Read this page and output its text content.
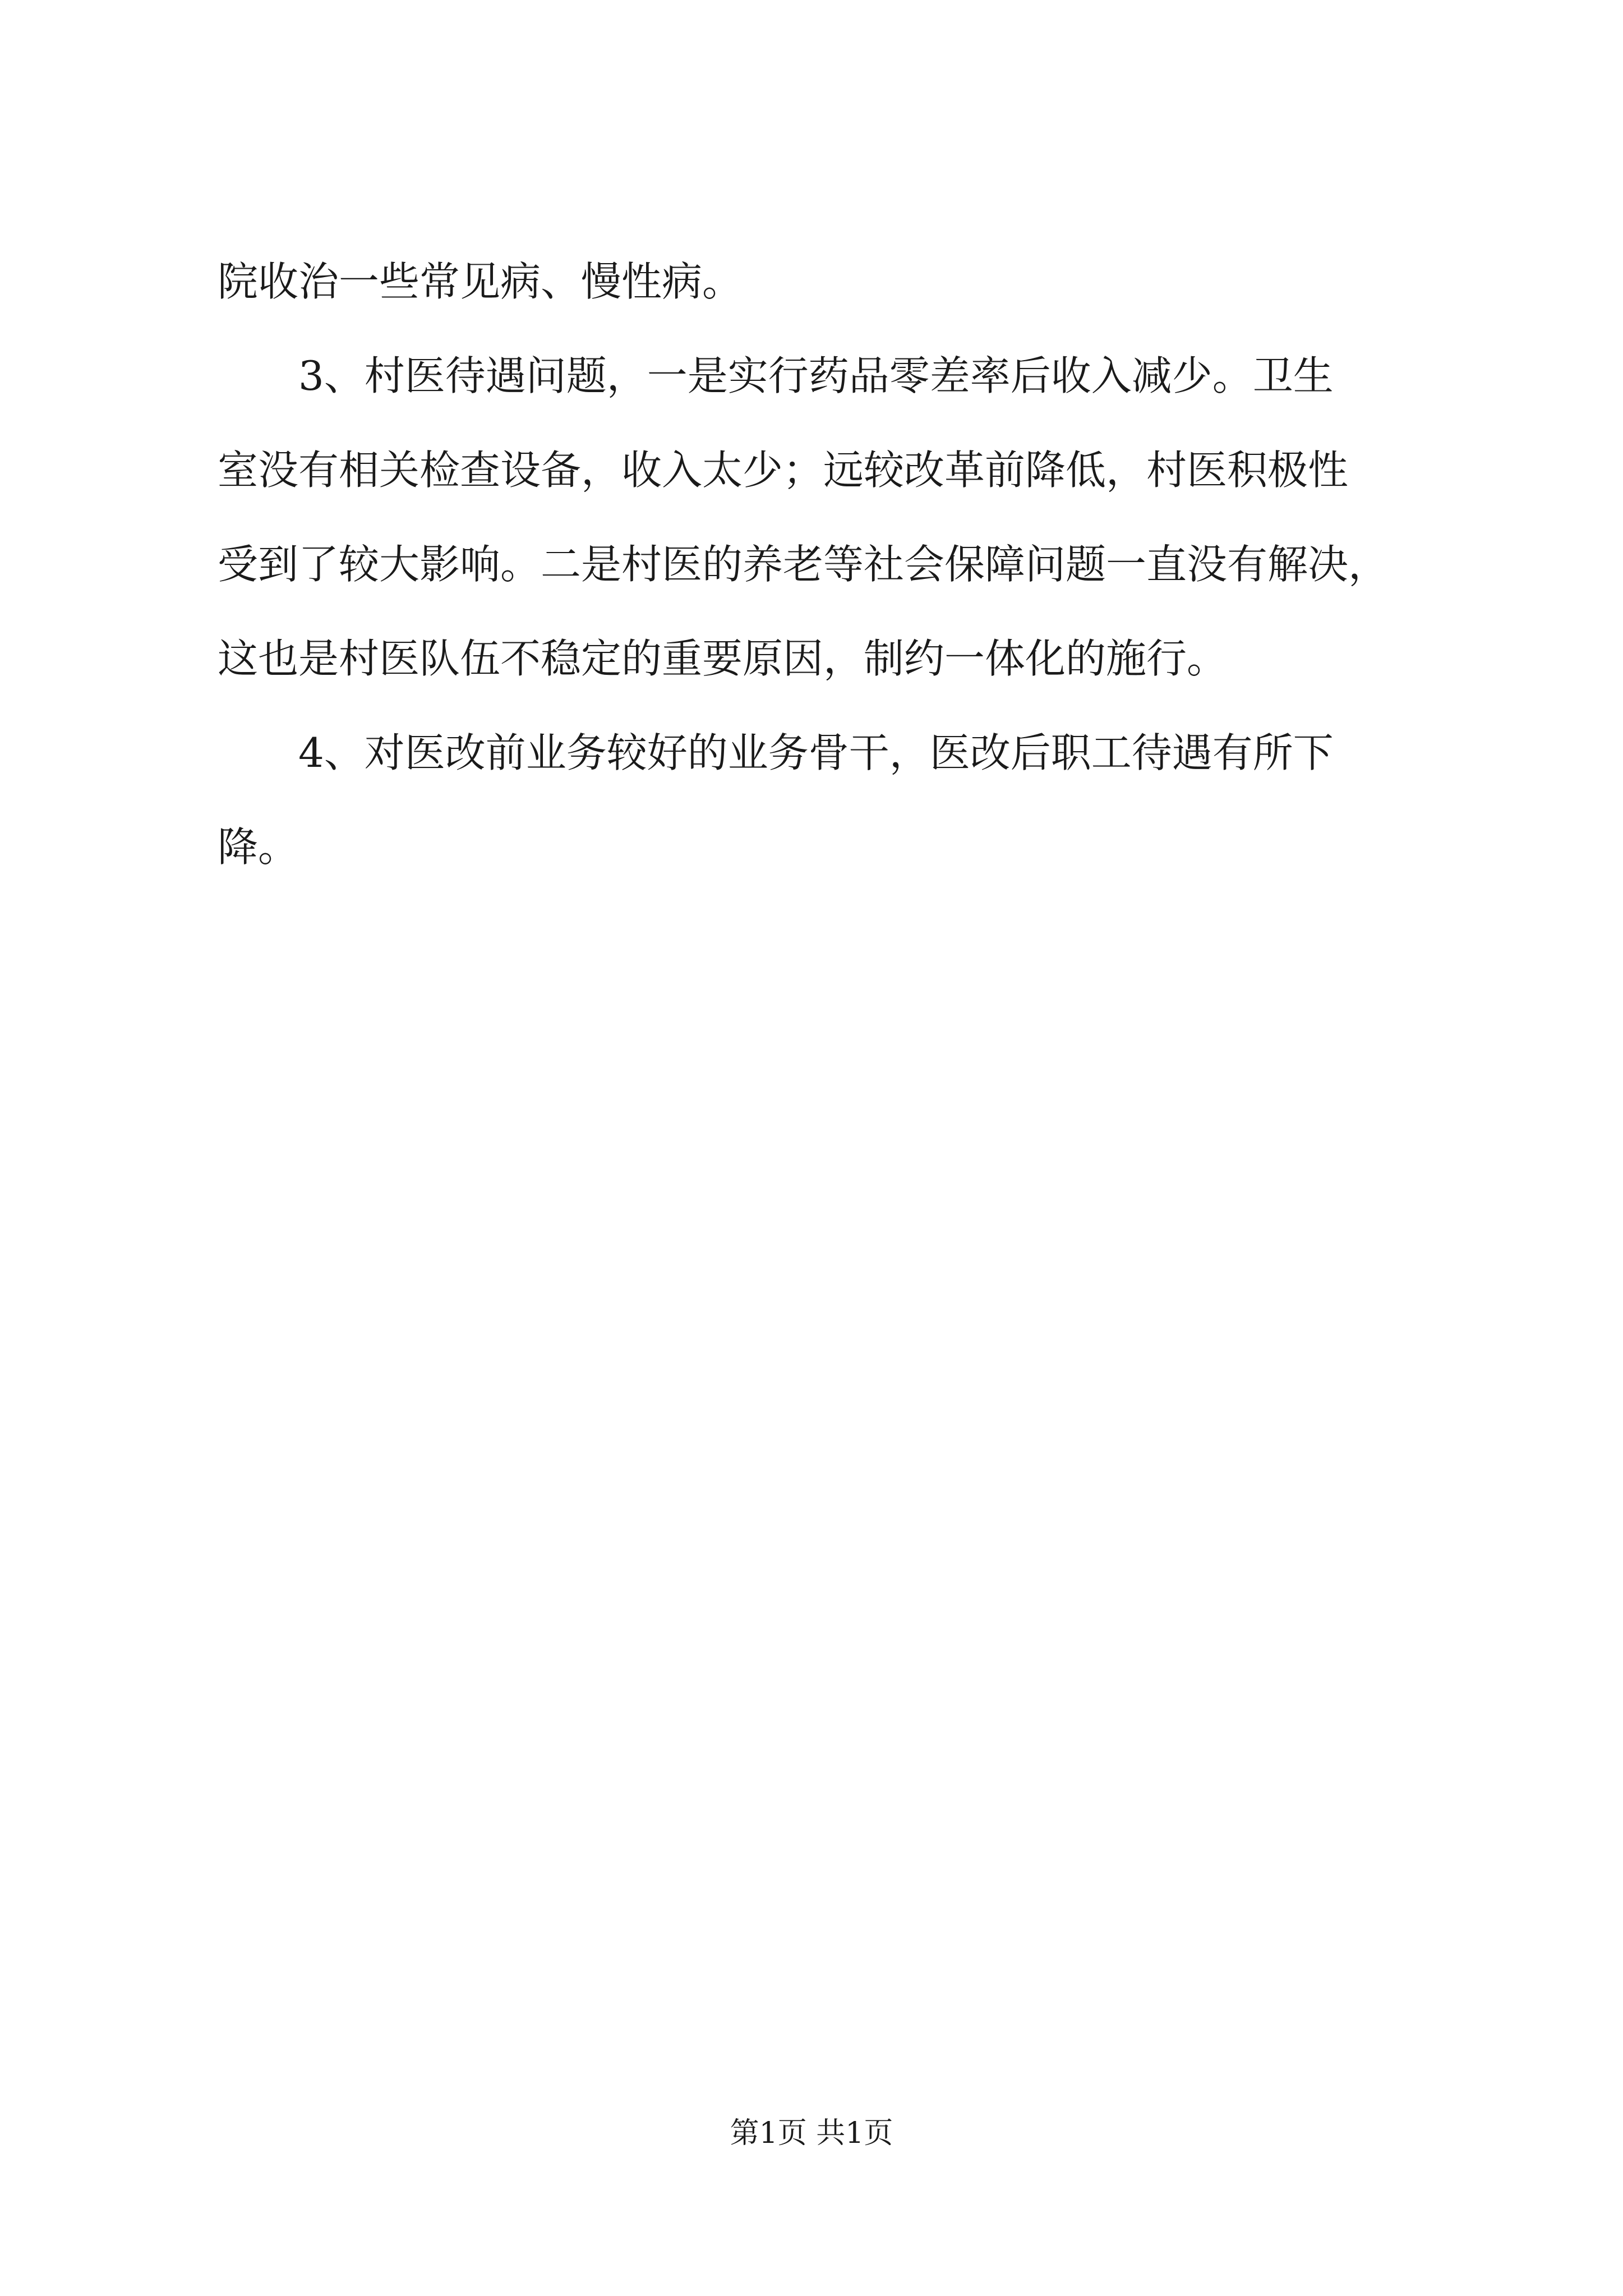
院收治一些常见病、慢性病。
3、村医待遇问题，一是实行药品零差率后收入减少。卫生
室没有相关检查设备，收入太少；远较改革前降低，村医积极性
受到了较大影响。二是村医的养老等社会保障问题一直没有解决，
这也是村医队伍不稳定的重要原因，制约一体化的施行。
4、对医改前业务较好的业务骨干，医改后职工待遇有所下
降。
第1页 共1页
